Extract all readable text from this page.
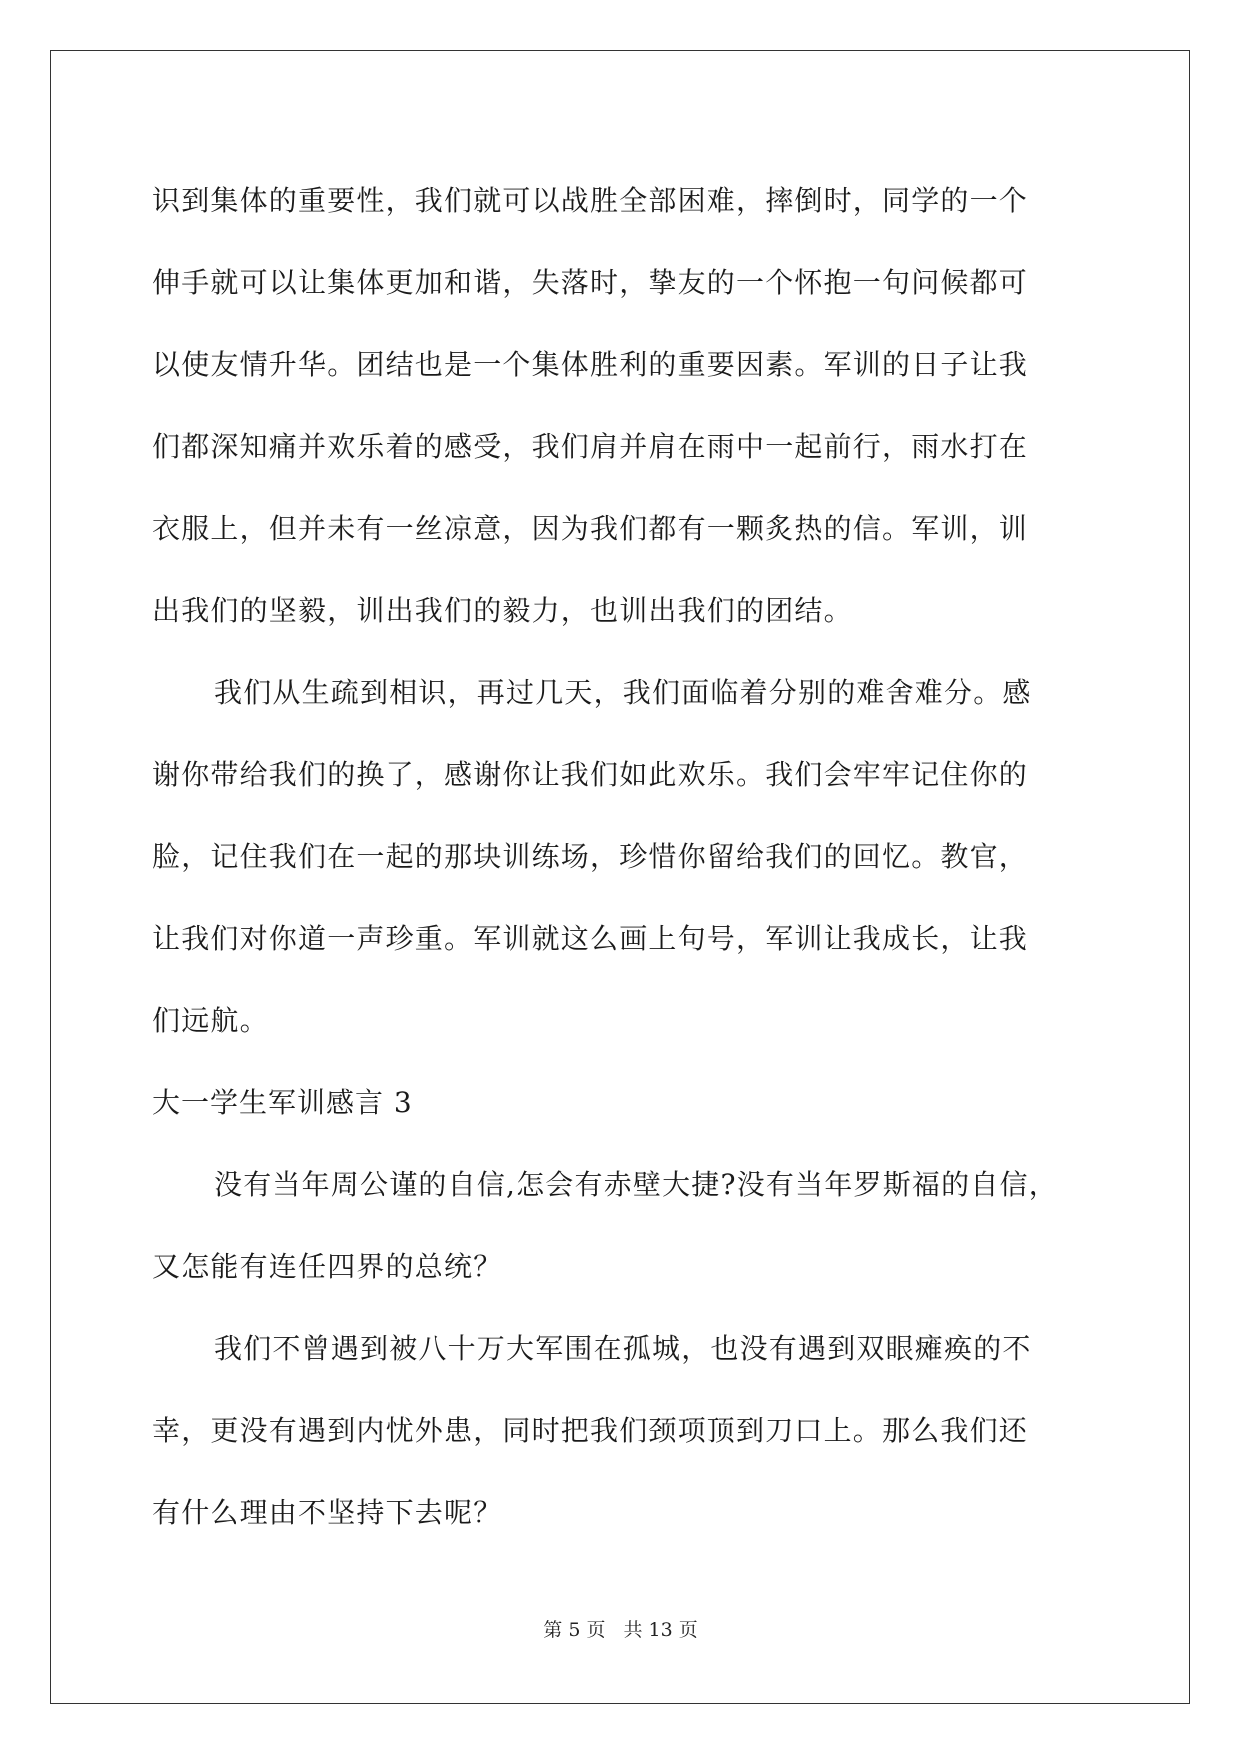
识到集体的重要性，我们就可以战胜全部困难，摔倒时，同学的一个
伸手就可以让集体更加和谐，失落时，挚友的一个怀抱一句问候都可
以使友情升华。团结也是一个集体胜利的重要因素。军训的日子让我
们都深知痛并欢乐着的感受，我们肩并肩在雨中一起前行，雨水打在
衣服上，但并未有一丝凉意，因为我们都有一颗炙热的信。军训，训
出我们的坚毅，训出我们的毅力，也训出我们的团结。
我们从生疏到相识，再过几天，我们面临着分别的难舍难分。感
谢你带给我们的换了，感谢你让我们如此欢乐。我们会牢牢记住你的
脸，记住我们在一起的那块训练场，珍惜你留给我们的回忆。教官，
让我们对你道一声珍重。军训就这么画上句号，军训让我成长，让我
们远航。
大一学生军训感言 3
没有当年周公谨的自信,怎会有赤壁大捷?没有当年罗斯福的自信，
又怎能有连任四界的总统？
我们不曾遇到被八十万大军围在孤城，也没有遇到双眼瘫痪的不
幸，更没有遇到内忧外患，同时把我们颈项顶到刀口上。那么我们还
有什么理由不坚持下去呢？
第 5 页 共 13 页
